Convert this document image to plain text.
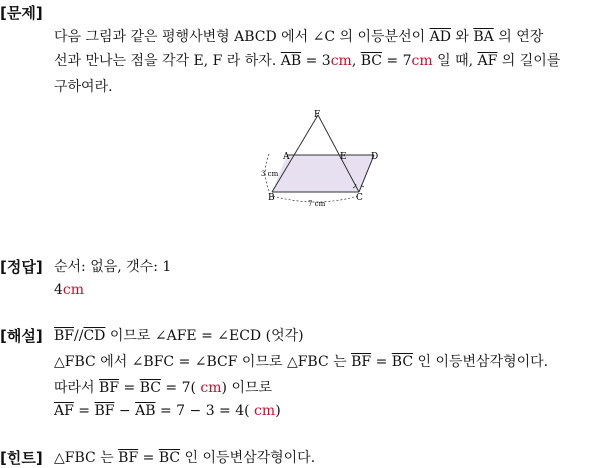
[문제]
다음 그림과 같은 평행사변형 ABCD 에서 ∠C 의 이등분선이 $\overline{AD}$ 와 $\overline{BA}$ 의 연장
선과 만나는 점을 각각 E, F 라 하자. $\overline{AB} = 3cm$, $\overline{BC} = 7cm$ 일 때, $\overline{AF}$ 의 길이를
구하여라.
F
A	E	D
B	C
3 cm
7 cm
[정답] 순서: 없음, 갯수: 1
4cm
[해설] $\overline{BF}//\overline{CD}$ 이므로 ∠AFE = ∠ECD (엇각)
△FBC 에서 ∠BFC = ∠BCF 이므로 △FBC 는 $\overline{BF} = \overline{BC}$ 인 이등변삼각형이다.
따라서 $\overline{BF} = \overline{BC} = 7$( cm) 이므로
$\overline{AF} = \overline{BF} - \overline{AB} = 7 - 3 = 4$( cm)
[힌트] △FBC 는 $\overline{BF} = \overline{BC}$ 인 이등변삼각형이다.
